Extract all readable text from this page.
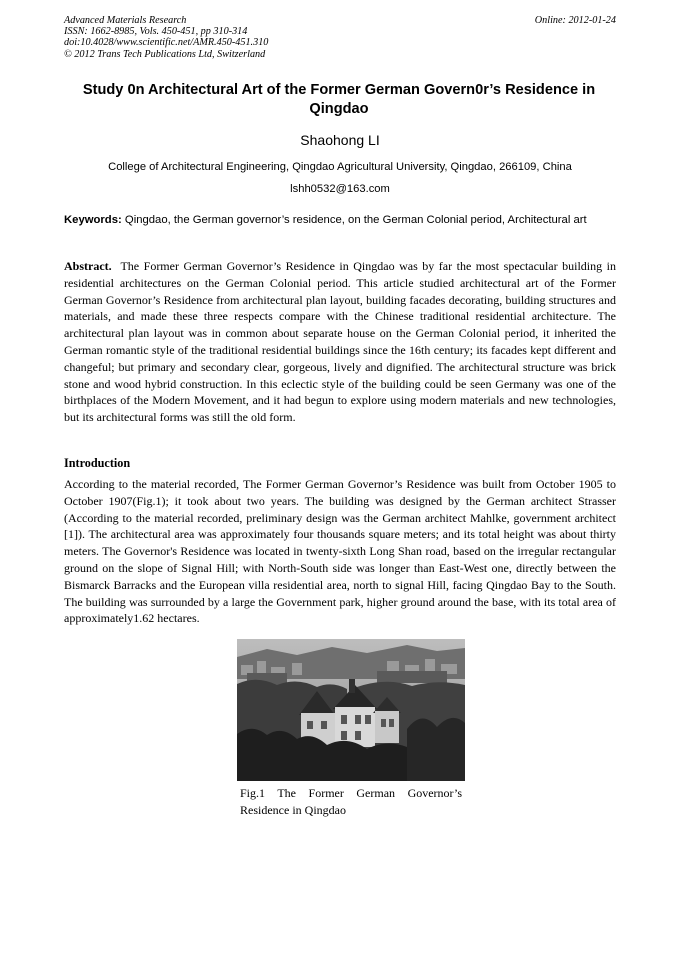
Advanced Materials Research
ISSN: 1662-8985, Vols. 450-451, pp 310-314
doi:10.4028/www.scientific.net/AMR.450-451.310
© 2012 Trans Tech Publications Ltd, Switzerland
Online: 2012-01-24
Study 0n Architectural Art of the Former German Govern0r’s Residence in Qingdao
Shaohong LI
College of Architectural Engineering, Qingdao Agricultural University, Qingdao, 266109, China
lshh0532@163.com
Keywords: Qingdao, the German governor’s residence, on the German Colonial period, Architectural art
Abstract. The Former German Governor’s Residence in Qingdao was by far the most spectacular building in residential architectures on the German Colonial period. This article studied architectural art of the Former German Governor’s Residence from architectural plan layout, building facades decorating, building structures and materials, and made these three respects compare with the Chinese traditional residential architecture. The architectural plan layout was in common about separate house on the German Colonial period, it inherited the German romantic style of the traditional residential buildings since the 16th century; its facades kept different and changeful; but primary and secondary clear, gorgeous, lively and dignified. The architectural structure was brick stone and wood hybrid construction. In this eclectic style of the building could be seen Germany was one of the birthplaces of the Modern Movement, and it had begun to explore using modern materials and new technologies, but its architectural forms was still the old form.
Introduction
According to the material recorded, The Former German Governor’s Residence was built from October 1905 to October 1907(Fig.1); it took about two years. The building was designed by the German architect Strasser (According to the material recorded, preliminary design was the German architect Mahlke, government architect [1]). The architectural area was approximately four thousands square meters; and its total height was about thirty meters. The Governor's Residence was located in twenty-sixth Long Shan road, based on the irregular rectangular ground on the slope of Signal Hill; with North-South side was longer than East-West one, directly between the Bismarck Barracks and the European villa residential area, north to signal Hill, facing Qingdao Bay to the South. The building was surrounded by a large the Government park, higher ground around the base, with its total area of approximately1.62 hectares.
Fig.1 The Former German Governor’s Residence in Qingdao
